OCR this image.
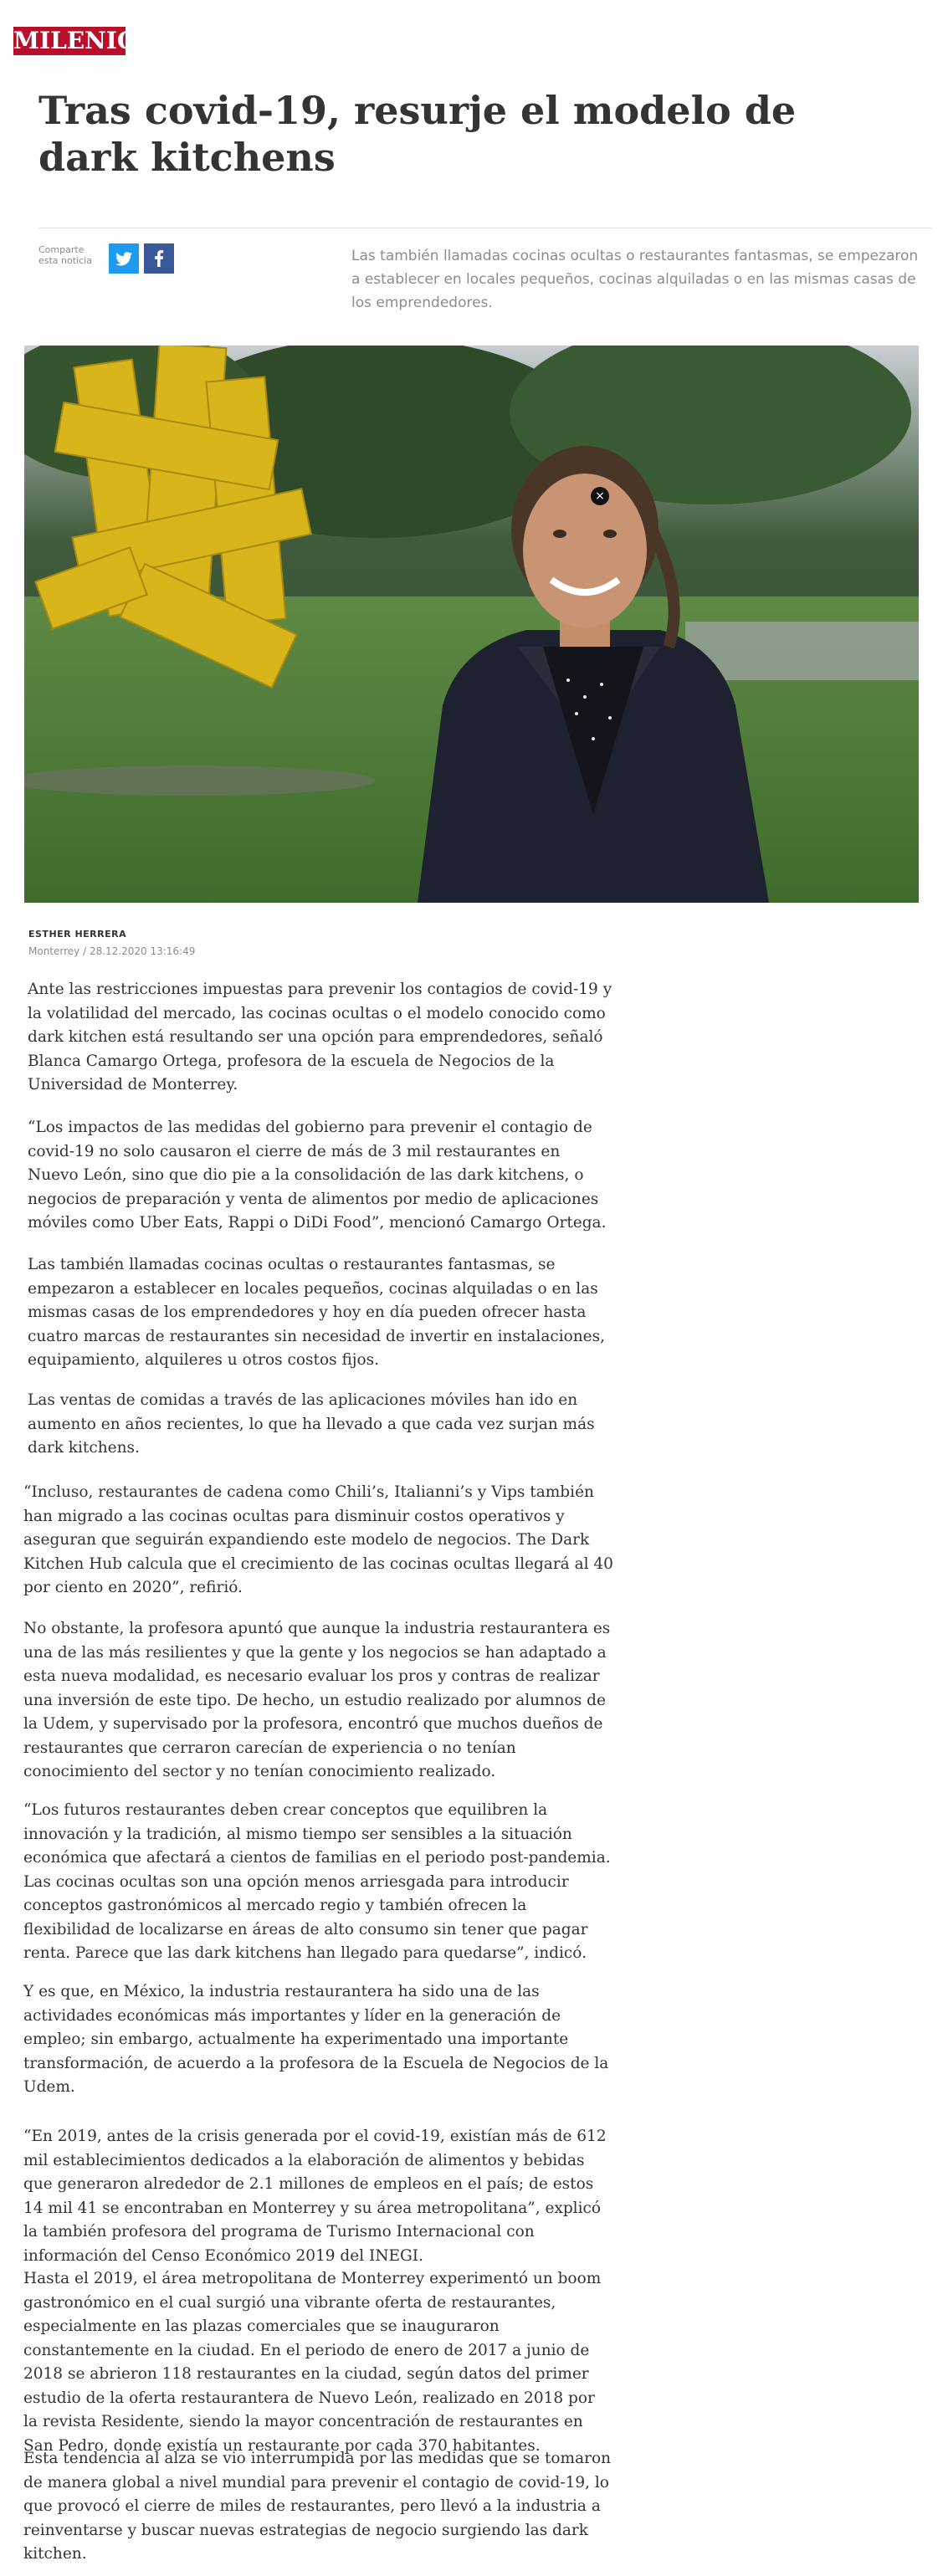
MILENIO
Tras covid-19, resurje el modelo de dark kitchens
Comparte esta noticia	Las también llamadas cocinas ocultas o restaurantes fantasmas, se empezaron a establecer en locales pequeños, cocinas alquiladas o en las mismas casas de los emprendedores.

×
ESTHER HERRERA
Monterrey / 28.12.2020 13:16:49

Ante las restricciones impuestas para prevenir los contagios de covid-19 y la volatilidad del mercado, las cocinas ocultas o el modelo conocido como dark kitchen está resultando ser una opción para emprendedores, señaló Blanca Camargo Ortega, profesora de la escuela de Negocios de la Universidad de Monterrey.

“Los impactos de las medidas del gobierno para prevenir el contagio de covid-19 no solo causaron el cierre de más de 3 mil restaurantes en Nuevo León, sino que dio pie a la consolidación de las dark kitchens, o negocios de preparación y venta de alimentos por medio de aplicaciones móviles como Uber Eats, Rappi o DiDi Food”, mencionó Camargo Ortega.

Las también llamadas cocinas ocultas o restaurantes fantasmas, se empezaron a establecer en locales pequeños, cocinas alquiladas o en las mismas casas de los emprendedores y hoy en día pueden ofrecer hasta cuatro marcas de restaurantes sin necesidad de invertir en instalaciones, equipamiento, alquileres u otros costos fijos.

Las ventas de comidas a través de las aplicaciones móviles han ido en aumento en años recientes, lo que ha llevado a que cada vez surjan más dark kitchens.

“Incluso, restaurantes de cadena como Chili’s, Italianni’s y Vips también han migrado a las cocinas ocultas para disminuir costos operativos y aseguran que seguirán expandiendo este modelo de negocios. The Dark Kitchen Hub calcula que el crecimiento de las cocinas ocultas llegará al 40 por ciento en 2020”, refirió.

No obstante, la profesora apuntó que aunque la industria restaurantera es una de las más resilientes y que la gente y los negocios se han adaptado a esta nueva modalidad, es necesario evaluar los pros y contras de realizar una inversión de este tipo. De hecho, un estudio realizado por alumnos de la Udem, y supervisado por la profesora, encontró que muchos dueños de restaurantes que cerraron carecían de experiencia o no tenían conocimiento del sector y no tenían conocimiento realizado.

“Los futuros restaurantes deben crear conceptos que equilibren la innovación y la tradición, al mismo tiempo ser sensibles a la situación económica que afectará a cientos de familias en el periodo post-pandemia. Las cocinas ocultas son una opción menos arriesgada para introducir conceptos gastronómicos al mercado regio y también ofrecen la flexibilidad de localizarse en áreas de alto consumo sin tener que pagar renta. Parece que las dark kitchens han llegado para quedarse”, indicó.

Y es que, en México, la industria restaurantera ha sido una de las actividades económicas más importantes y líder en la generación de empleo; sin embargo, actualmente ha experimentado una importante transformación, de acuerdo a la profesora de la Escuela de Negocios de la Udem.

“En 2019, antes de la crisis generada por el covid-19, existían más de 612 mil establecimientos dedicados a la elaboración de alimentos y bebidas que generaron alrededor de 2.1 millones de empleos en el país; de estos 14 mil 41 se encontraban en Monterrey y su área metropolitana”, explicó la también profesora del programa de Turismo Internacional con información del Censo Económico 2019 del INEGI.

Hasta el 2019, el área metropolitana de Monterrey experimentó un boom gastronómico en el cual surgió una vibrante oferta de restaurantes, especialmente en las plazas comerciales que se inauguraron constantemente en la ciudad. En el periodo de enero de 2017 a junio de 2018 se abrieron 118 restaurantes en la ciudad, según datos del primer estudio de la oferta restaurantera de Nuevo León, realizado en 2018 por la revista Residente, siendo la mayor concentración de restaurantes en San Pedro, donde existía un restaurante por cada 370 habitantes.

Esta tendencia al alza se vio interrumpida por las medidas que se tomaron de manera global a nivel mundial para prevenir el contagio de covid-19, lo que provocó el cierre de miles de restaurantes, pero llevó a la industria a reinventarse y buscar nuevas estrategias de negocio surgiendo las dark kitchen.
